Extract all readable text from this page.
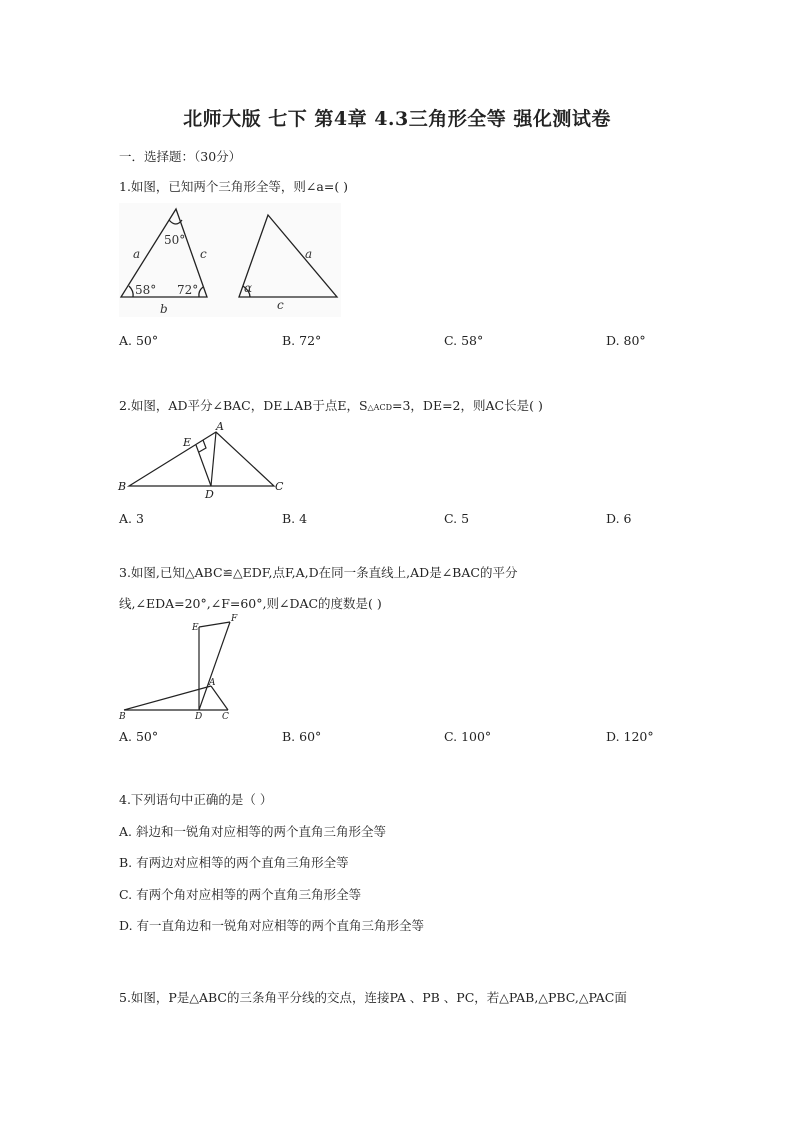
北师大版 七下 第4章 4.3三角形全等 强化测试卷
一．选择题：（30分）
1.如图，已知两个三角形全等，则∠a=( )
50°
a	c
58° 72°
b
a
α
c
A. 50°	B. 72°	C. 58°	D. 80°
2.如图，AD平分∠BAC，DE⊥AB于点E，S△ACD=3，DE=2，则AC长是( )
A
E
B
D
C
A. 3	B. 4	C. 5	D. 6
3.如图,已知△ABC≌△EDF,点F,A,D在同一条直线上,AD是∠BAC的平分
线,∠EDA=20°,∠F=60°,则∠DAC的度数是( )
E
F
A
B	D C
A. 50°	B. 60°	C. 100°	D. 120°
4.下列语句中正确的是（ ）
A. 斜边和一锐角对应相等的两个直角三角形全等
B. 有两边对应相等的两个直角三角形全等
C. 有两个角对应相等的两个直角三角形全等
D. 有一直角边和一锐角对应相等的两个直角三角形全等
5.如图，P是△ABC的三条角平分线的交点，连接PA 、PB 、PC，若△PAB,△PBC,△PAC面
